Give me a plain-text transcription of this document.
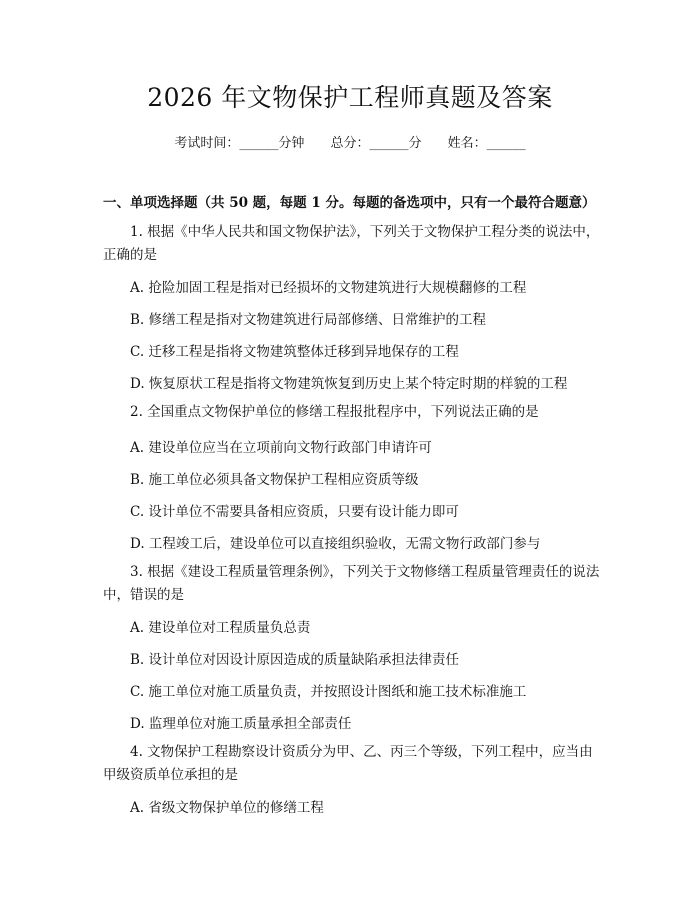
2026 年文物保护工程师真题及答案
考试时间：______分钟 总分：______分 姓名：______
一、单项选择题（共 50 题，每题 1 分。每题的备选项中，只有一个最符合题意）
1. 根据《中华人民共和国文物保护法》，下列关于文物保护工程分类的说法中，正确的是
A. 抢险加固工程是指对已经损坏的文物建筑进行大规模翻修的工程
B. 修缮工程是指对文物建筑进行局部修缮、日常维护的工程
C. 迁移工程是指将文物建筑整体迁移到异地保存的工程
D. 恢复原状工程是指将文物建筑恢复到历史上某个特定时期的样貌的工程
2. 全国重点文物保护单位的修缮工程报批程序中，下列说法正确的是
A. 建设单位应当在立项前向文物行政部门申请许可
B. 施工单位必须具备文物保护工程相应资质等级
C. 设计单位不需要具备相应资质，只要有设计能力即可
D. 工程竣工后，建设单位可以直接组织验收，无需文物行政部门参与
3. 根据《建设工程质量管理条例》，下列关于文物修缮工程质量管理责任的说法中，错误的是
A. 建设单位对工程质量负总责
B. 设计单位对因设计原因造成的质量缺陷承担法律责任
C. 施工单位对施工质量负责，并按照设计图纸和施工技术标准施工
D. 监理单位对施工质量承担全部责任
4. 文物保护工程勘察设计资质分为甲、乙、丙三个等级，下列工程中，应当由甲级资质单位承担的是
A. 省级文物保护单位的修缮工程
